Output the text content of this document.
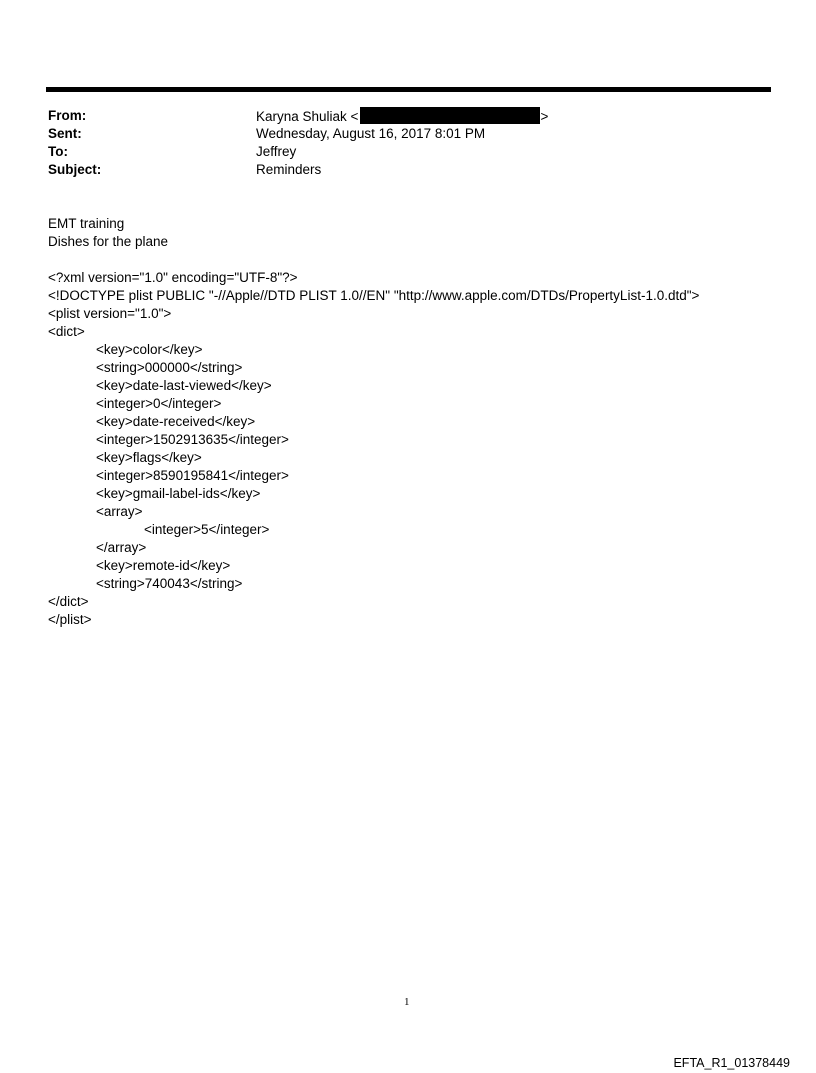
From:	Karyna Shuliak <	>
Sent:	Wednesday, August 16, 2017 8:01 PM
To:	Jeffrey
Subject:	Reminders
EMT training
Dishes for the plane
<?xml version="1.0" encoding="UTF-8"?>
<!DOCTYPE plist PUBLIC "-//Apple//DTD PLIST 1.0//EN" "http://www.apple.com/DTDs/PropertyList-1.0.dtd">
<plist version="1.0">
<dict>
<key>color</key>
<string>000000</string>
<key>date-last-viewed</key>
<integer>0</integer>
<key>date-received</key>
<integer>1502913635</integer>
<key>flags</key>
<integer>8590195841</integer>
<key>gmail-label-ids</key>
<array>
<integer>5</integer>
</array>
<key>remote-id</key>
<string>740043</string>
</dict>
</plist>
1
EFTA_R1_01378449
